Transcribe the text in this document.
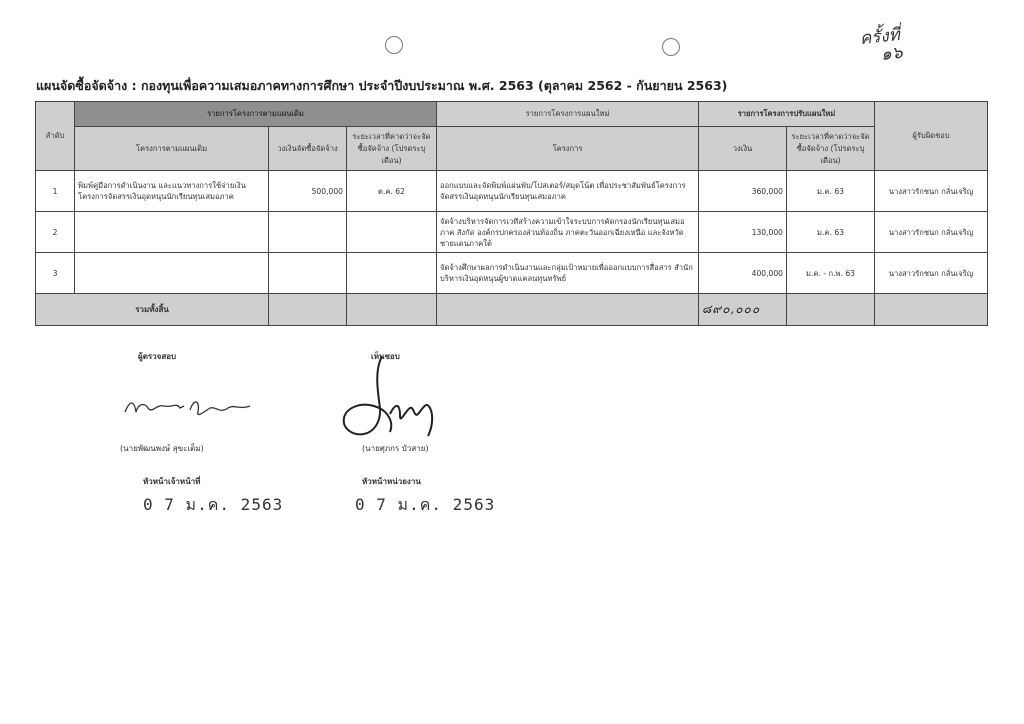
ครั้งที่
๑๖
แผนจัดซื้อจัดจ้าง : กองทุนเพื่อความเสมอภาคทางการศึกษา ประจำปีงบประมาณ พ.ศ. 2563 (ตุลาคม 2562 - กันยายน 2563)
ลำดับ	รายการโครงการตามแผนเดิม			รายการโครงการแผนใหม่	รายการโครงการปรับแผนใหม่		ผู้รับผิดชอบ
	โครงการตามแผนเดิม	วงเงินจัดซื้อจัดจ้าง	ระยะเวลาที่คาดว่าจะจัดซื้อจัดจ้าง (โปรดระบุเดือน)	โครงการ	วงเงิน	ระยะเวลาที่คาดว่าจะจัดซื้อจัดจ้าง (โปรดระบุเดือน)	
1	พิมพ์คู่มือการดำเนินงาน และแนวทางการใช้จ่ายเงิน โครงการจัดสรรเงินอุดหนุนนักเรียนทุนเสมอภาค	500,000	ต.ค. 62	ออกแบบและจัดพิมพ์แผ่นพับ/โปสเตอร์/สมุดโน้ต เพื่อประชาสัมพันธ์โครงการจัดสรรเงินอุดหนุนนักเรียนทุนเสมอภาค	360,000	ม.ค. 63	นางสาวรักชนก กลั่นเจริญ
2				จัดจ้างบริหารจัดการเวทีสร้างความเข้าใจระบบการคัดกรองนักเรียนทุนเสมอภาค สังกัด องค์กรปกครองส่วนท้องถิ่น ภาคตะวันออกเฉียงเหนือ และจังหวัดชายแดนภาคใต้	130,000	ม.ค. 63	นางสาวรักชนก กลั่นเจริญ
3				จัดจ้างศึกษาผลการดำเนินงานและกลุ่มเป้าหมายเพื่อออกแบบการสื่อสาร สำนักบริหารเงินอุดหนุนผู้ขาดแคลนทุนทรัพย์	400,000	ม.ค. - ก.พ. 63	นางสาวรักชนก กลั่นเจริญ
รวมทั้งสิ้น					๘๙๐,๐๐๐		
ผู้ตรวจสอบ
(นายพัฒนพงษ์ สุขะเต็ม)
หัวหน้าเจ้าหน้าที่
0 7 ม.ค. 2563
เห็นชอบ
(นายศุภกร บัวสาย)
หัวหน้าหน่วยงาน
0 7 ม.ค. 2563
